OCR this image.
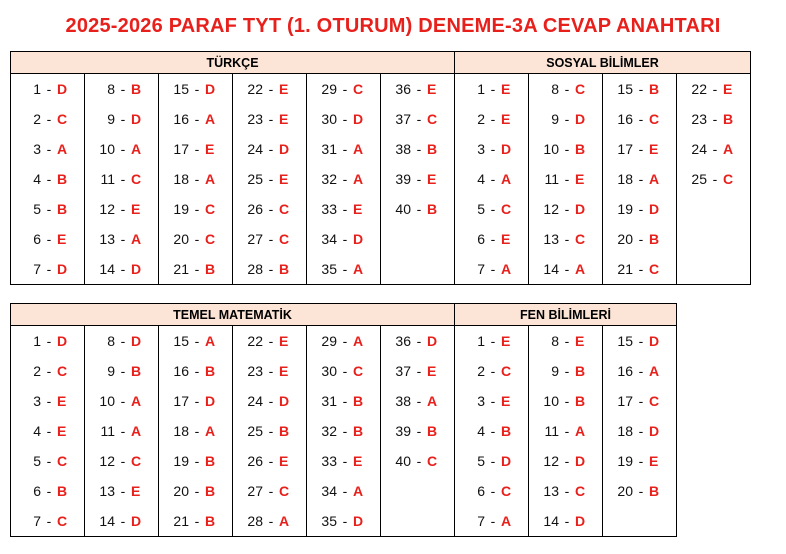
2025-2026 PARAF TYT (1. OTURUM) DENEME-3A CEVAP ANAHTARI
TÜRKÇE						SOSYAL BİLİMLER			

1 - D	8 - B	15 - D	22 - E	29 - C	36 - E	1 - E	8 - C	15 - B	22 - E

2 - C	9 - D	16 - A	23 - E	30 - D	37 - C	2 - E	9 - D	16 - C	23 - B

3 - A	10 - A	17 - E	24 - D	31 - A	38 - B	3 - D	10 - B	17 - E	24 - A

4 - B	11 - C	18 - A	25 - E	32 - A	39 - E	4 - A	11 - E	18 - A	25 - C

5 - B	12 - E	19 - C	26 - C	33 - E	40 - B	5 - C	12 - D	19 - D	

6 - E	13 - A	20 - C	27 - C	34 - D		6 - E	13 - C	20 - B	

7 - D	14 - D	21 - B	28 - B	35 - A		7 - A	14 - A	21 - C	

TEMEL MATEMATİK						FEN BİLİMLERİ		

1 - D	8 - D	15 - A	22 - E	29 - A	36 - D	1 - E	8 - E	15 - D

2 - C	9 - B	16 - B	23 - E	30 - C	37 - E	2 - C	9 - B	16 - A

3 - E	10 - A	17 - D	24 - D	31 - B	38 - A	3 - E	10 - B	17 - C

4 - E	11 - A	18 - A	25 - B	32 - B	39 - B	4 - B	11 - A	18 - D

5 - C	12 - C	19 - B	26 - E	33 - E	40 - C	5 - D	12 - D	19 - E

6 - B	13 - E	20 - B	27 - C	34 - A		6 - C	13 - C	20 - B

7 - C	14 - D	21 - B	28 - A	35 - D		7 - A	14 - D	
